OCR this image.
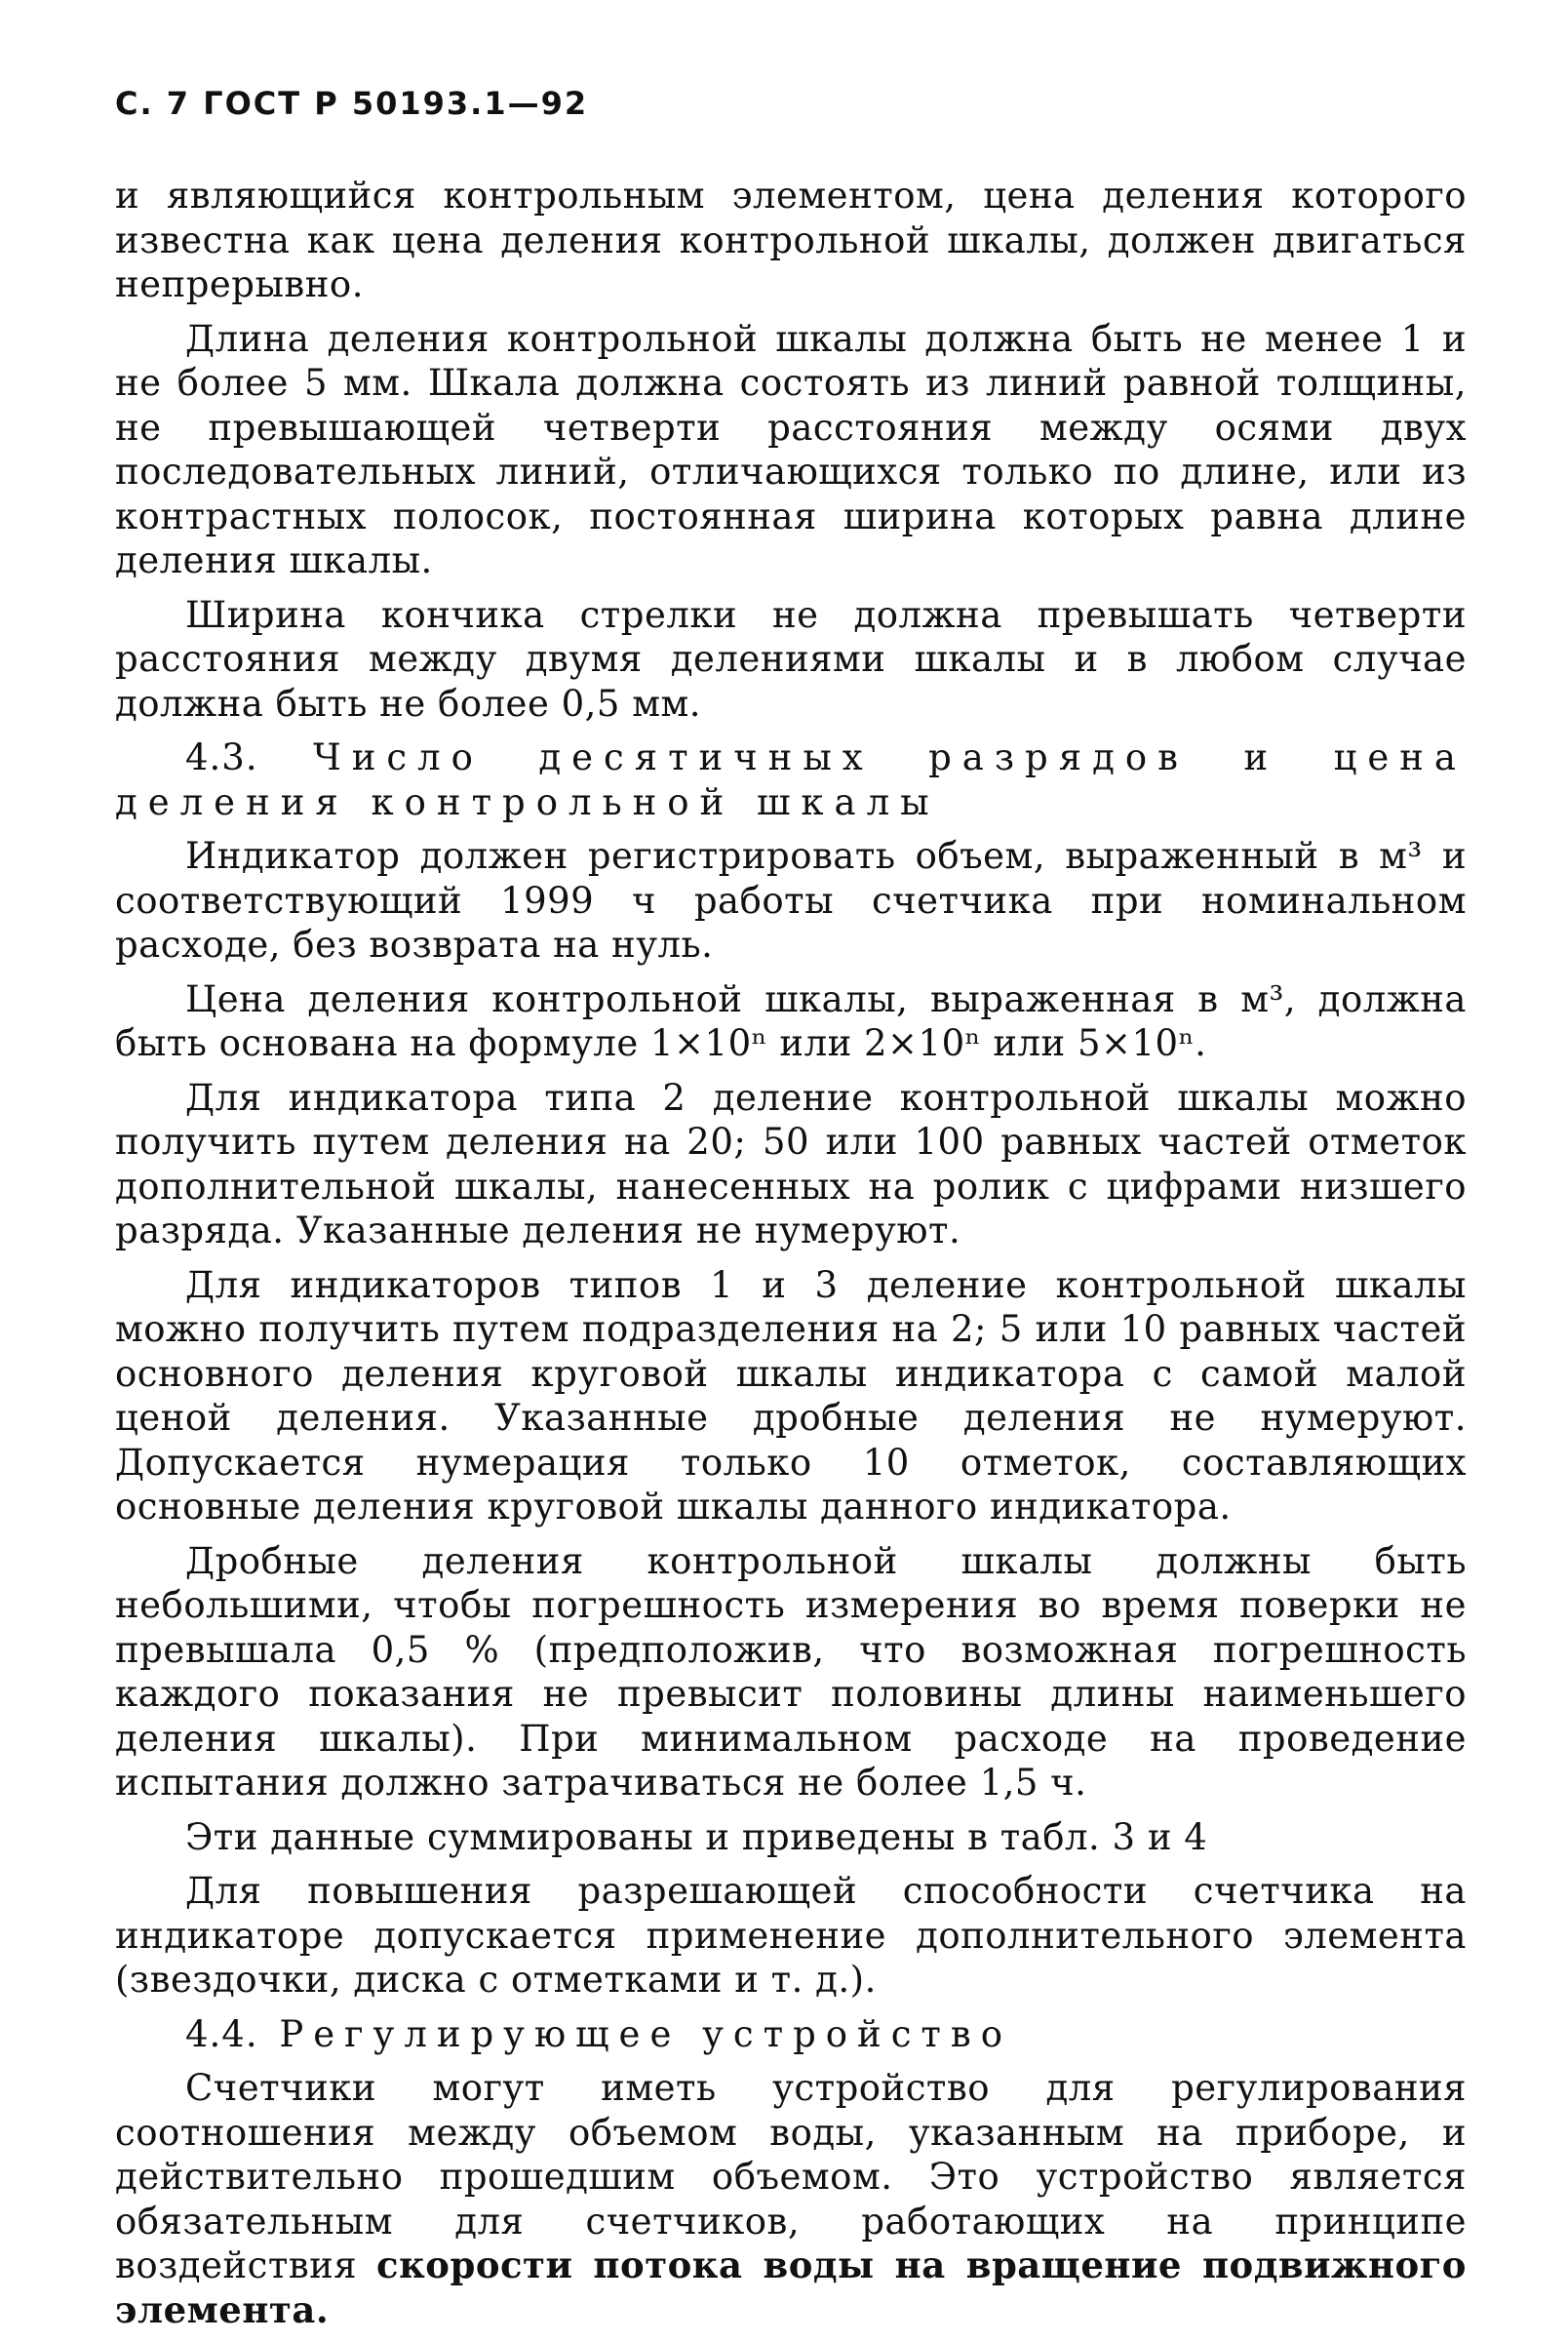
С. 7 ГОСТ Р 50193.1—92

и являющийся контрольным элементом, цена деления которого известна как цена деления контрольной шкалы, должен двигаться непрерывно.

Длина деления контрольной шкалы должна быть не менее 1 и не более 5 мм. Шкала должна состоять из линий равной толщины, не превышающей четверти расстояния между осями двух последовательных линий, отличающихся только по длине, или из контрастных полосок, постоянная ширина которых равна длине деления шкалы.

Ширина кончика стрелки не должна превышать четверти расстояния между двумя делениями шкалы и в любом случае должна быть не более 0,5 мм.

4.3. Число десятичных разрядов и цена деления контрольной шкалы

Индикатор должен регистрировать объем, выраженный в м³ и соответствующий 1999 ч работы счетчика при номинальном расходе, без возврата на нуль.

Цена деления контрольной шкалы, выраженная в м³, должна быть основана на формуле 1×10ⁿ или 2×10ⁿ или 5×10ⁿ.

Для индикатора типа 2 деление контрольной шкалы можно получить путем деления на 20; 50 или 100 равных частей отметок дополнительной шкалы, нанесенных на ролик с цифрами низшего разряда. Указанные деления не нумеруют.

Для индикаторов типов 1 и 3 деление контрольной шкалы можно получить путем подразделения на 2; 5 или 10 равных частей основного деления круговой шкалы индикатора с самой малой ценой деления. Указанные дробные деления не нумеруют. Допускается нумерация только 10 отметок, составляющих основные деления круговой шкалы данного индикатора.

Дробные деления контрольной шкалы должны быть небольшими, чтобы погрешность измерения во время поверки не превышала 0,5 % (предположив, что возможная погрешность каждого показания не превысит половины длины наименьшего деления шкалы). При минимальном расходе на проведение испытания должно затрачиваться не более 1,5 ч.

Эти данные суммированы и приведены в табл. 3 и 4

Для повышения разрешающей способности счетчика на индикаторе допускается применение дополнительного элемента (звездочки, диска с отметками и т. д.).

4.4. Регулирующее устройство

Счетчики могут иметь устройство для регулирования соотношения между объемом воды, указанным на приборе, и действительно прошедшим объемом. Это устройство является обязательным для счетчиков, работающих на принципе воздействия скорости потока воды на вращение подвижного элемента.
